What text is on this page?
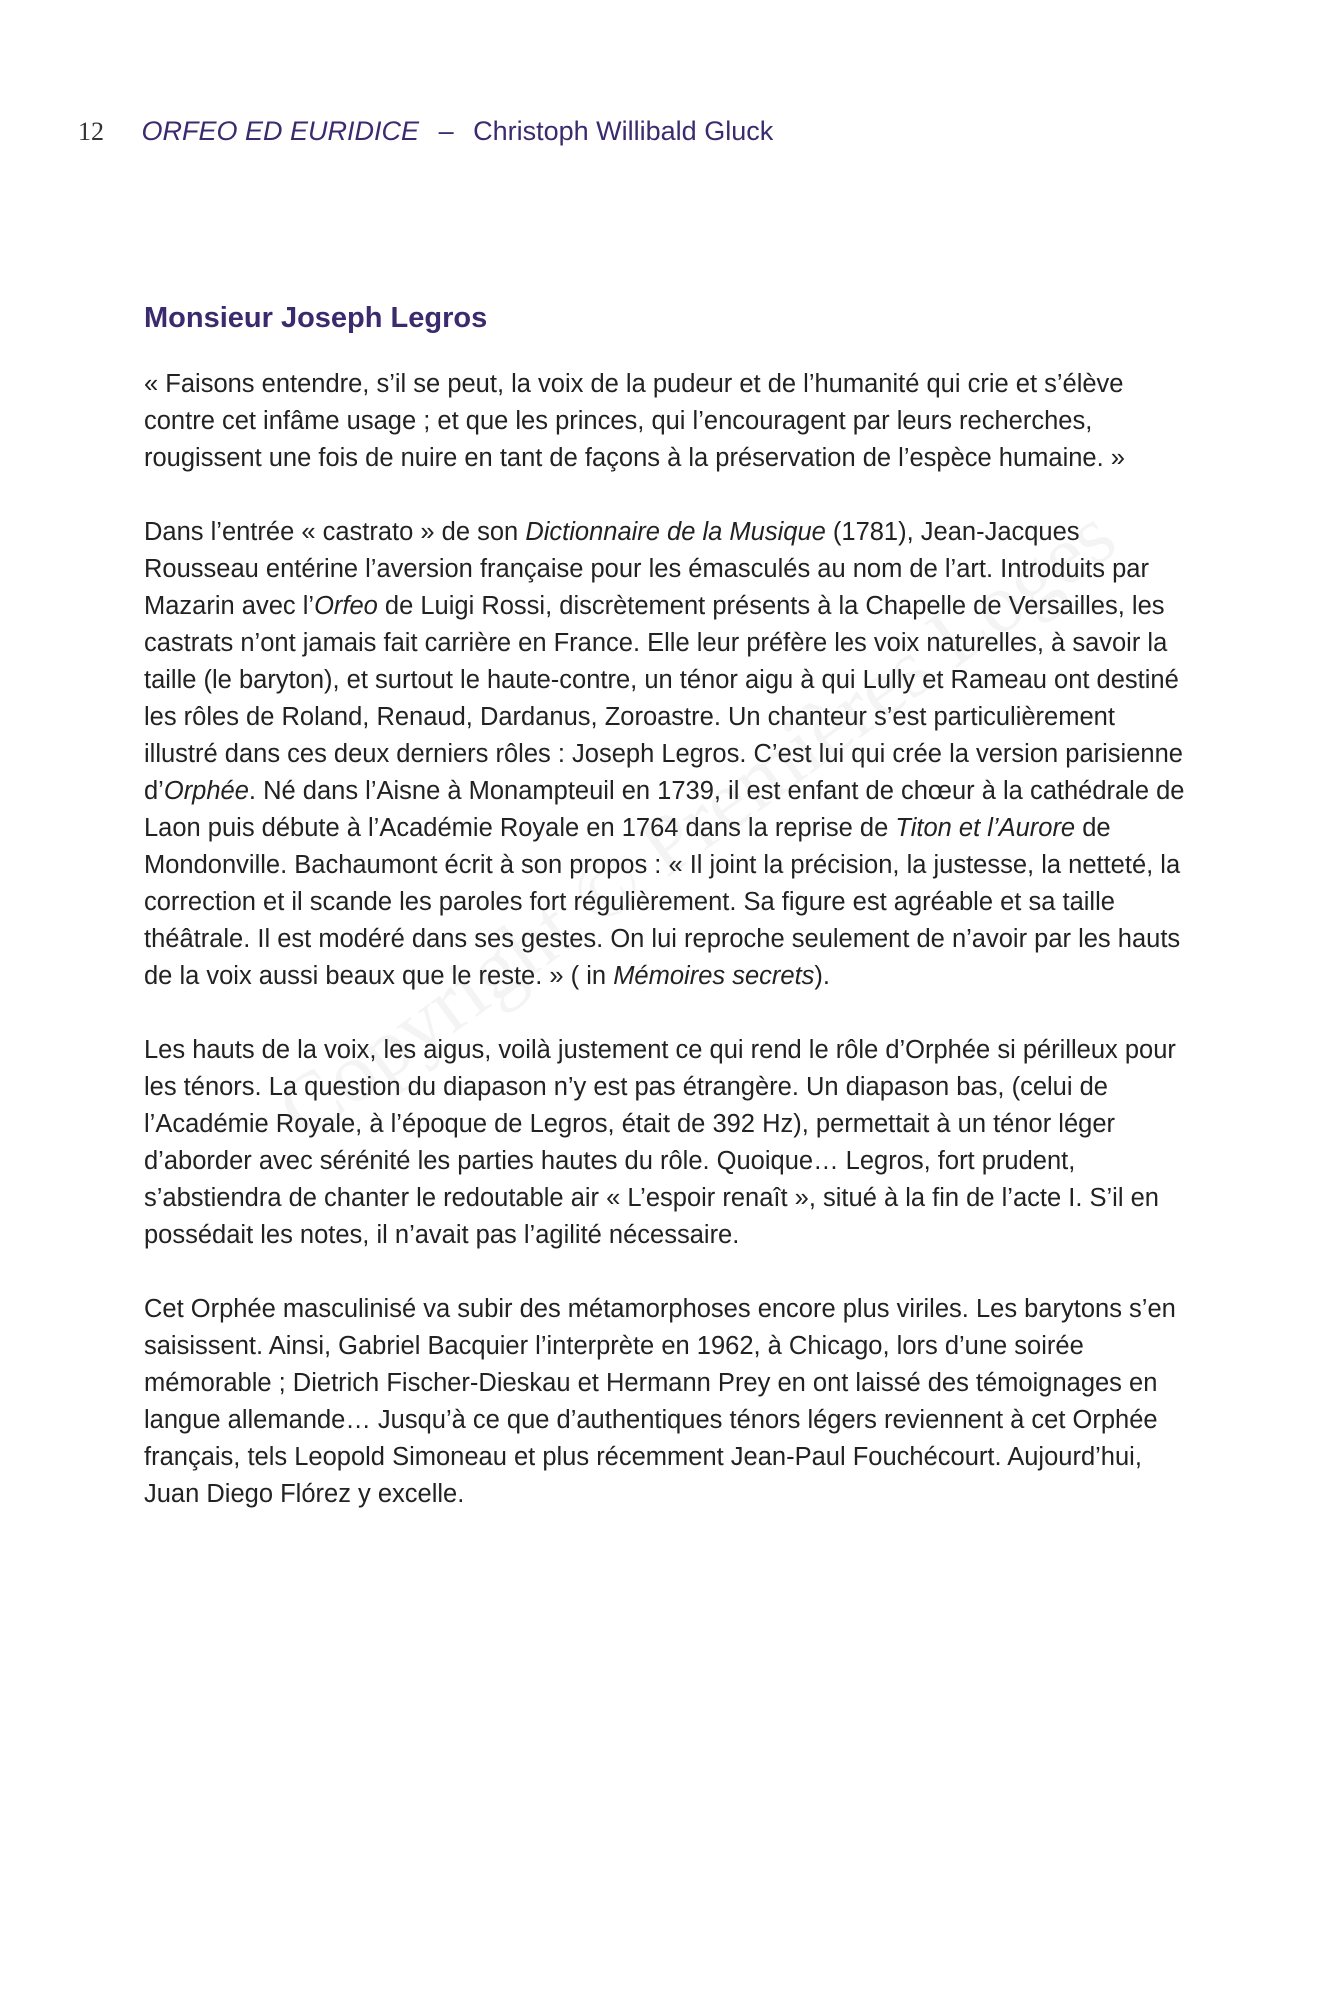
12 ORFEO ED EURIDICE – Christoph Willibald Gluck
Monsieur Joseph Legros

« Faisons entendre, s’il se peut, la voix de la pudeur et de l’humanité qui crie et s’élève contre cet infâme usage ; et que les princes, qui l’encouragent par leurs recherches, rougissent une fois de nuire en tant de façons à la préservation de l’espèce humaine. »

Dans l’entrée « castrato » de son Dictionnaire de la Musique (1781), Jean-Jacques Rousseau entérine l’aversion française pour les émasculés au nom de l’art. Introduits par Mazarin avec l’Orfeo de Luigi Rossi, discrètement présents à la Chapelle de Versailles, les castrats n’ont jamais fait carrière en France. Elle leur préfère les voix naturelles, à savoir la taille (le baryton), et surtout le haute-contre, un ténor aigu à qui Lully et Rameau ont destiné les rôles de Roland, Renaud, Dardanus, Zoroastre. Un chanteur s’est particulièrement illustré dans ces deux derniers rôles : Joseph Legros. C’est lui qui crée la version parisienne d’Orphée. Né dans l’Aisne à Monampteuil en 1739, il est enfant de chœur à la cathédrale de Laon puis débute à l’Académie Royale en 1764 dans la reprise de Titon et l’Aurore de Mondonville. Bachaumont écrit à son propos : « Il joint la précision, la justesse, la netteté, la correction et il scande les paroles fort régulièrement. Sa figure est agréable et sa taille théâtrale. Il est modéré dans ses gestes. On lui reproche seulement de n’avoir par les hauts de la voix aussi beaux que le reste. » ( in Mémoires secrets).

Les hauts de la voix, les aigus, voilà justement ce qui rend le rôle d’Orphée si périlleux pour les ténors. La question du diapason n’y est pas étrangère. Un diapason bas, (celui de l’Académie Royale, à l’époque de Legros, était de 392 Hz), permettait à un ténor léger d’aborder avec sérénité les parties hautes du rôle. Quoique… Legros, fort prudent, s’abstiendra de chanter le redoutable air « L’espoir renaît », situé à la fin de l’acte I. S’il en possédait les notes, il n’avait pas l’agilité nécessaire.

Cet Orphée masculinisé va subir des métamorphoses encore plus viriles. Les barytons s’en saisissent. Ainsi, Gabriel Bacquier l’interprète en 1962, à Chicago, lors d’une soirée mémorable ; Dietrich Fischer-Dieskau et Hermann Prey en ont laissé des témoignages en langue allemande… Jusqu’à ce que d’authentiques ténors légers reviennent à cet Orphée français, tels Leopold Simoneau et plus récemment Jean-Paul Fouchécourt. Aujourd’hui, Juan Diego Flórez y excelle.
